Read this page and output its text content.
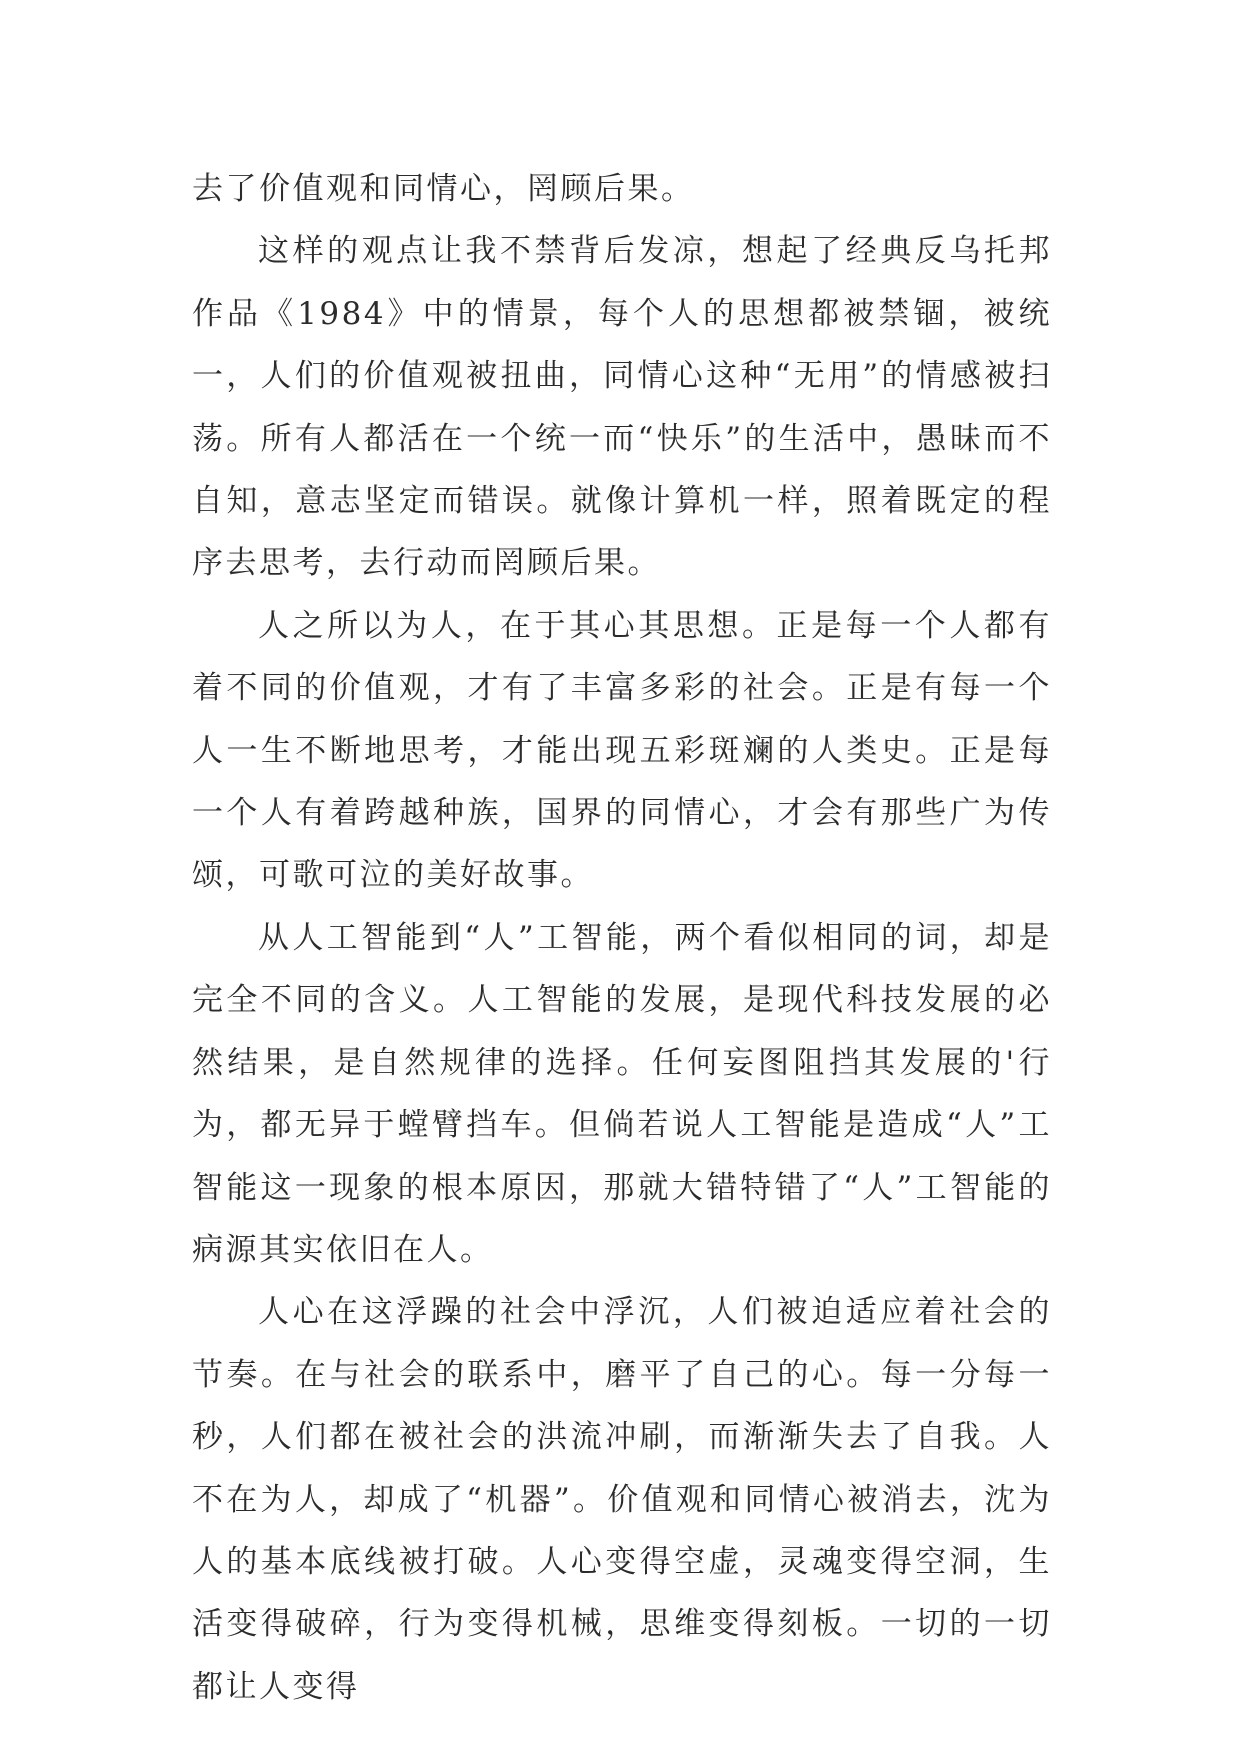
去了价值观和同情心，罔顾后果。

这样的观点让我不禁背后发凉，想起了经典反乌托邦作品《1984》中的情景，每个人的思想都被禁锢，被统一，人们的价值观被扭曲，同情心这种“无用”的情感被扫荡。所有人都活在一个统一而“快乐”的生活中，愚昧而不自知，意志坚定而错误。就像计算机一样，照着既定的程序去思考，去行动而罔顾后果。

人之所以为人，在于其心其思想。正是每一个人都有着不同的价值观，才有了丰富多彩的社会。正是有每一个人一生不断地思考，才能出现五彩斑斓的人类史。正是每一个人有着跨越种族，国界的同情心，才会有那些广为传颂，可歌可泣的美好故事。

从人工智能到“人”工智能，两个看似相同的词，却是完全不同的含义。人工智能的发展，是现代科技发展的必然结果，是自然规律的选择。任何妄图阻挡其发展的'行为，都无异于螳臂挡车。但倘若说人工智能是造成“人”工智能这一现象的根本原因，那就大错特错了“人”工智能的病源其实依旧在人。

人心在这浮躁的社会中浮沉，人们被迫适应着社会的节奏。在与社会的联系中，磨平了自己的心。每一分每一秒，人们都在被社会的洪流冲刷，而渐渐失去了自我。人不在为人，却成了“机器”。价值观和同情心被消去，沈为人的基本底线被打破。人心变得空虚，灵魂变得空洞，生活变得破碎，行为变得机械，思维变得刻板。一切的一切都让人变得
